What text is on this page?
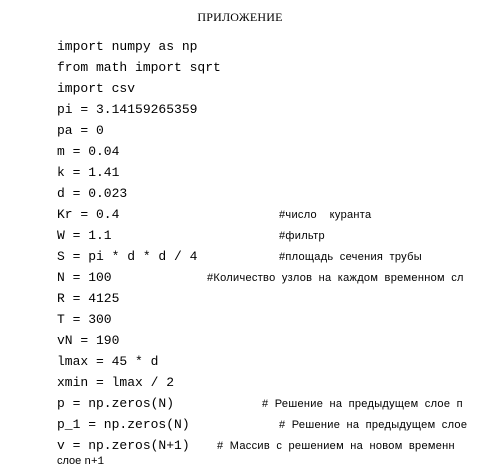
ПРИЛОЖЕНИЕ
import numpy as np
from math import sqrt
import csv
pi = 3.14159265359
pa = 0
m = 0.04
k = 1.41
d = 0.023
Kr = 0.4	#число  куранта
W = 1.1	#фильтр
S = pi * d * d / 4	#площадь сечения трубы
N = 100	#Количество узлов на каждом временном сл
R = 4125
T = 300
vN = 190
lmax = 45 * d
xmin = lmax / 2
p = np.zeros(N)	# Решение на предыдущем слое п
p_1 = np.zeros(N)	# Решение на предыдущем слое
v = np.zeros(N+1) # Массив с решением на новом временн
слое n+1
